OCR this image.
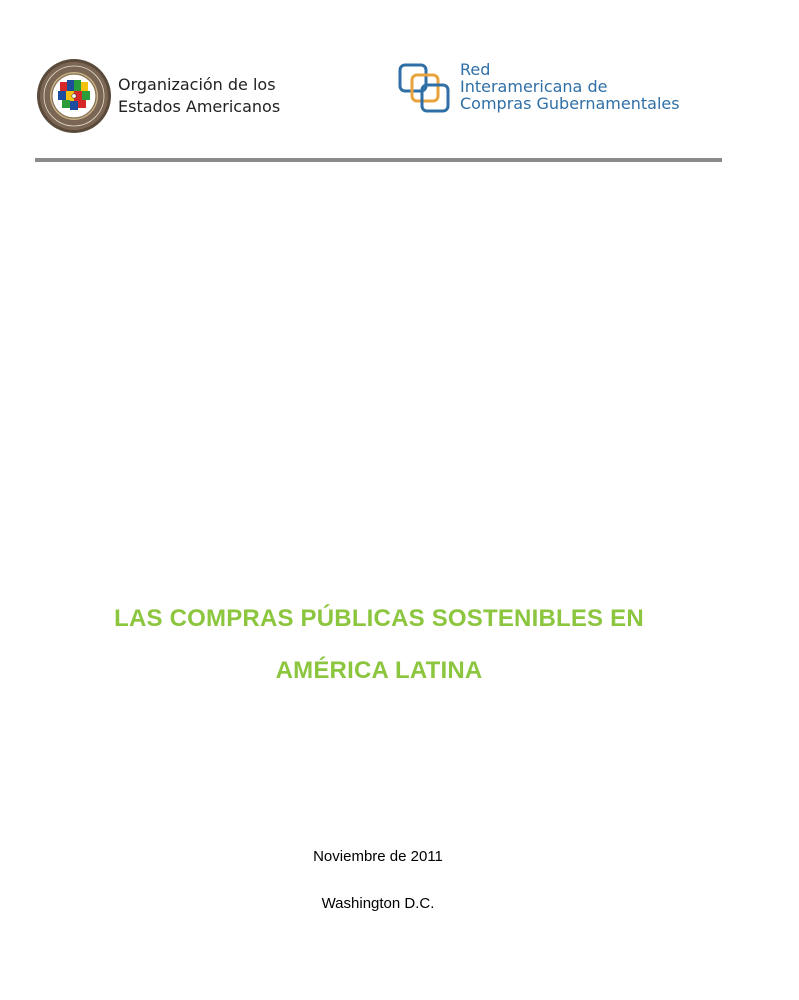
Organización de los
Estados Americanos
Red
Interamericana de
Compras Gubernamentales
LAS COMPRAS PÚBLICAS SOSTENIBLES EN
AMÉRICA LATINA
Noviembre de 2011
Washington D.C.
